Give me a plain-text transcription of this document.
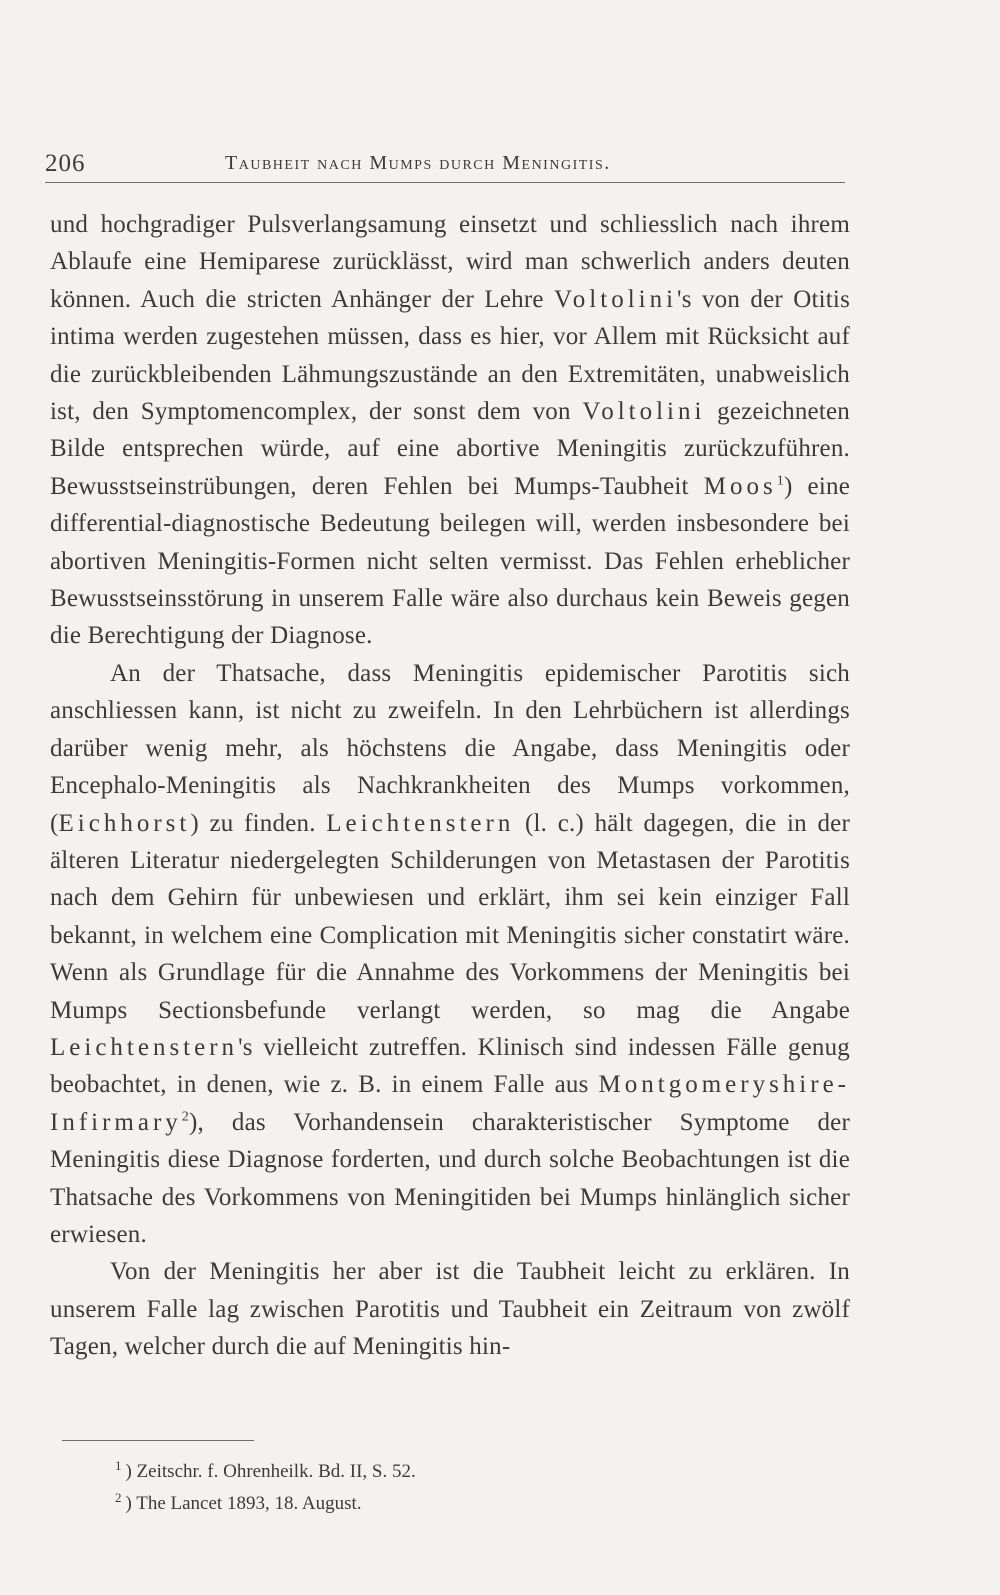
206	Taubheit nach Mumps durch Meningitis.

und hochgradiger Pulsverlangsamung einsetzt und schliesslich nach ihrem Ablaufe eine Hemiparese zurücklässt, wird man schwerlich anders deuten können. Auch die stricten Anhänger der Lehre Voltolini's von der Otitis intima werden zugestehen müssen, dass es hier, vor Allem mit Rücksicht auf die zurückbleibenden Lähmungszustände an den Extremitäten, unabweislich ist, den Symptomencomplex, der sonst dem von Voltolini gezeichneten Bilde entsprechen würde, auf eine abortive Meningitis zurückzuführen. Bewusstseinstrübungen, deren Fehlen bei Mumps-Taubheit Moos$^1$) eine differential-diagnostische Bedeutung beilegen will, werden insbesondere bei abortiven Meningitis-Formen nicht selten vermisst. Das Fehlen erheblicher Bewusstseinsstörung in unserem Falle wäre also durchaus kein Beweis gegen die Berechtigung der Diagnose.

An der Thatsache, dass Meningitis epidemischer Parotitis sich anschliessen kann, ist nicht zu zweifeln. In den Lehrbüchern ist allerdings darüber wenig mehr, als höchstens die Angabe, dass Meningitis oder Encephalo-Meningitis als Nachkrankheiten des Mumps vorkommen, (Eichhorst) zu finden. Leichtenstern (l. c.) hält dagegen, die in der älteren Literatur niedergelegten Schilderungen von Metastasen der Parotitis nach dem Gehirn für unbewiesen und erklärt, ihm sei kein einziger Fall bekannt, in welchem eine Complication mit Meningitis sicher constatirt wäre. Wenn als Grundlage für die Annahme des Vorkommens der Meningitis bei Mumps Sectionsbefunde verlangt werden, so mag die Angabe Leichtenstern's vielleicht zutreffen. Klinisch sind indessen Fälle genug beobachtet, in denen, wie z. B. in einem Falle aus Montgomeryshire-Infirmary$^2$), das Vorhandensein charakteristischer Symptome der Meningitis diese Diagnose forderten, und durch solche Beobachtungen ist die Thatsache des Vorkommens von Meningitiden bei Mumps hinlänglich sicher erwiesen.

Von der Meningitis her aber ist die Taubheit leicht zu erklären. In unserem Falle lag zwischen Parotitis und Taubheit ein Zeitraum von zwölf Tagen, welcher durch die auf Meningitis hin-

$^1$ ) Zeitschr. f. Ohrenheilk. Bd. II, S. 52.

$^2$ ) The Lancet 1893, 18. August.
